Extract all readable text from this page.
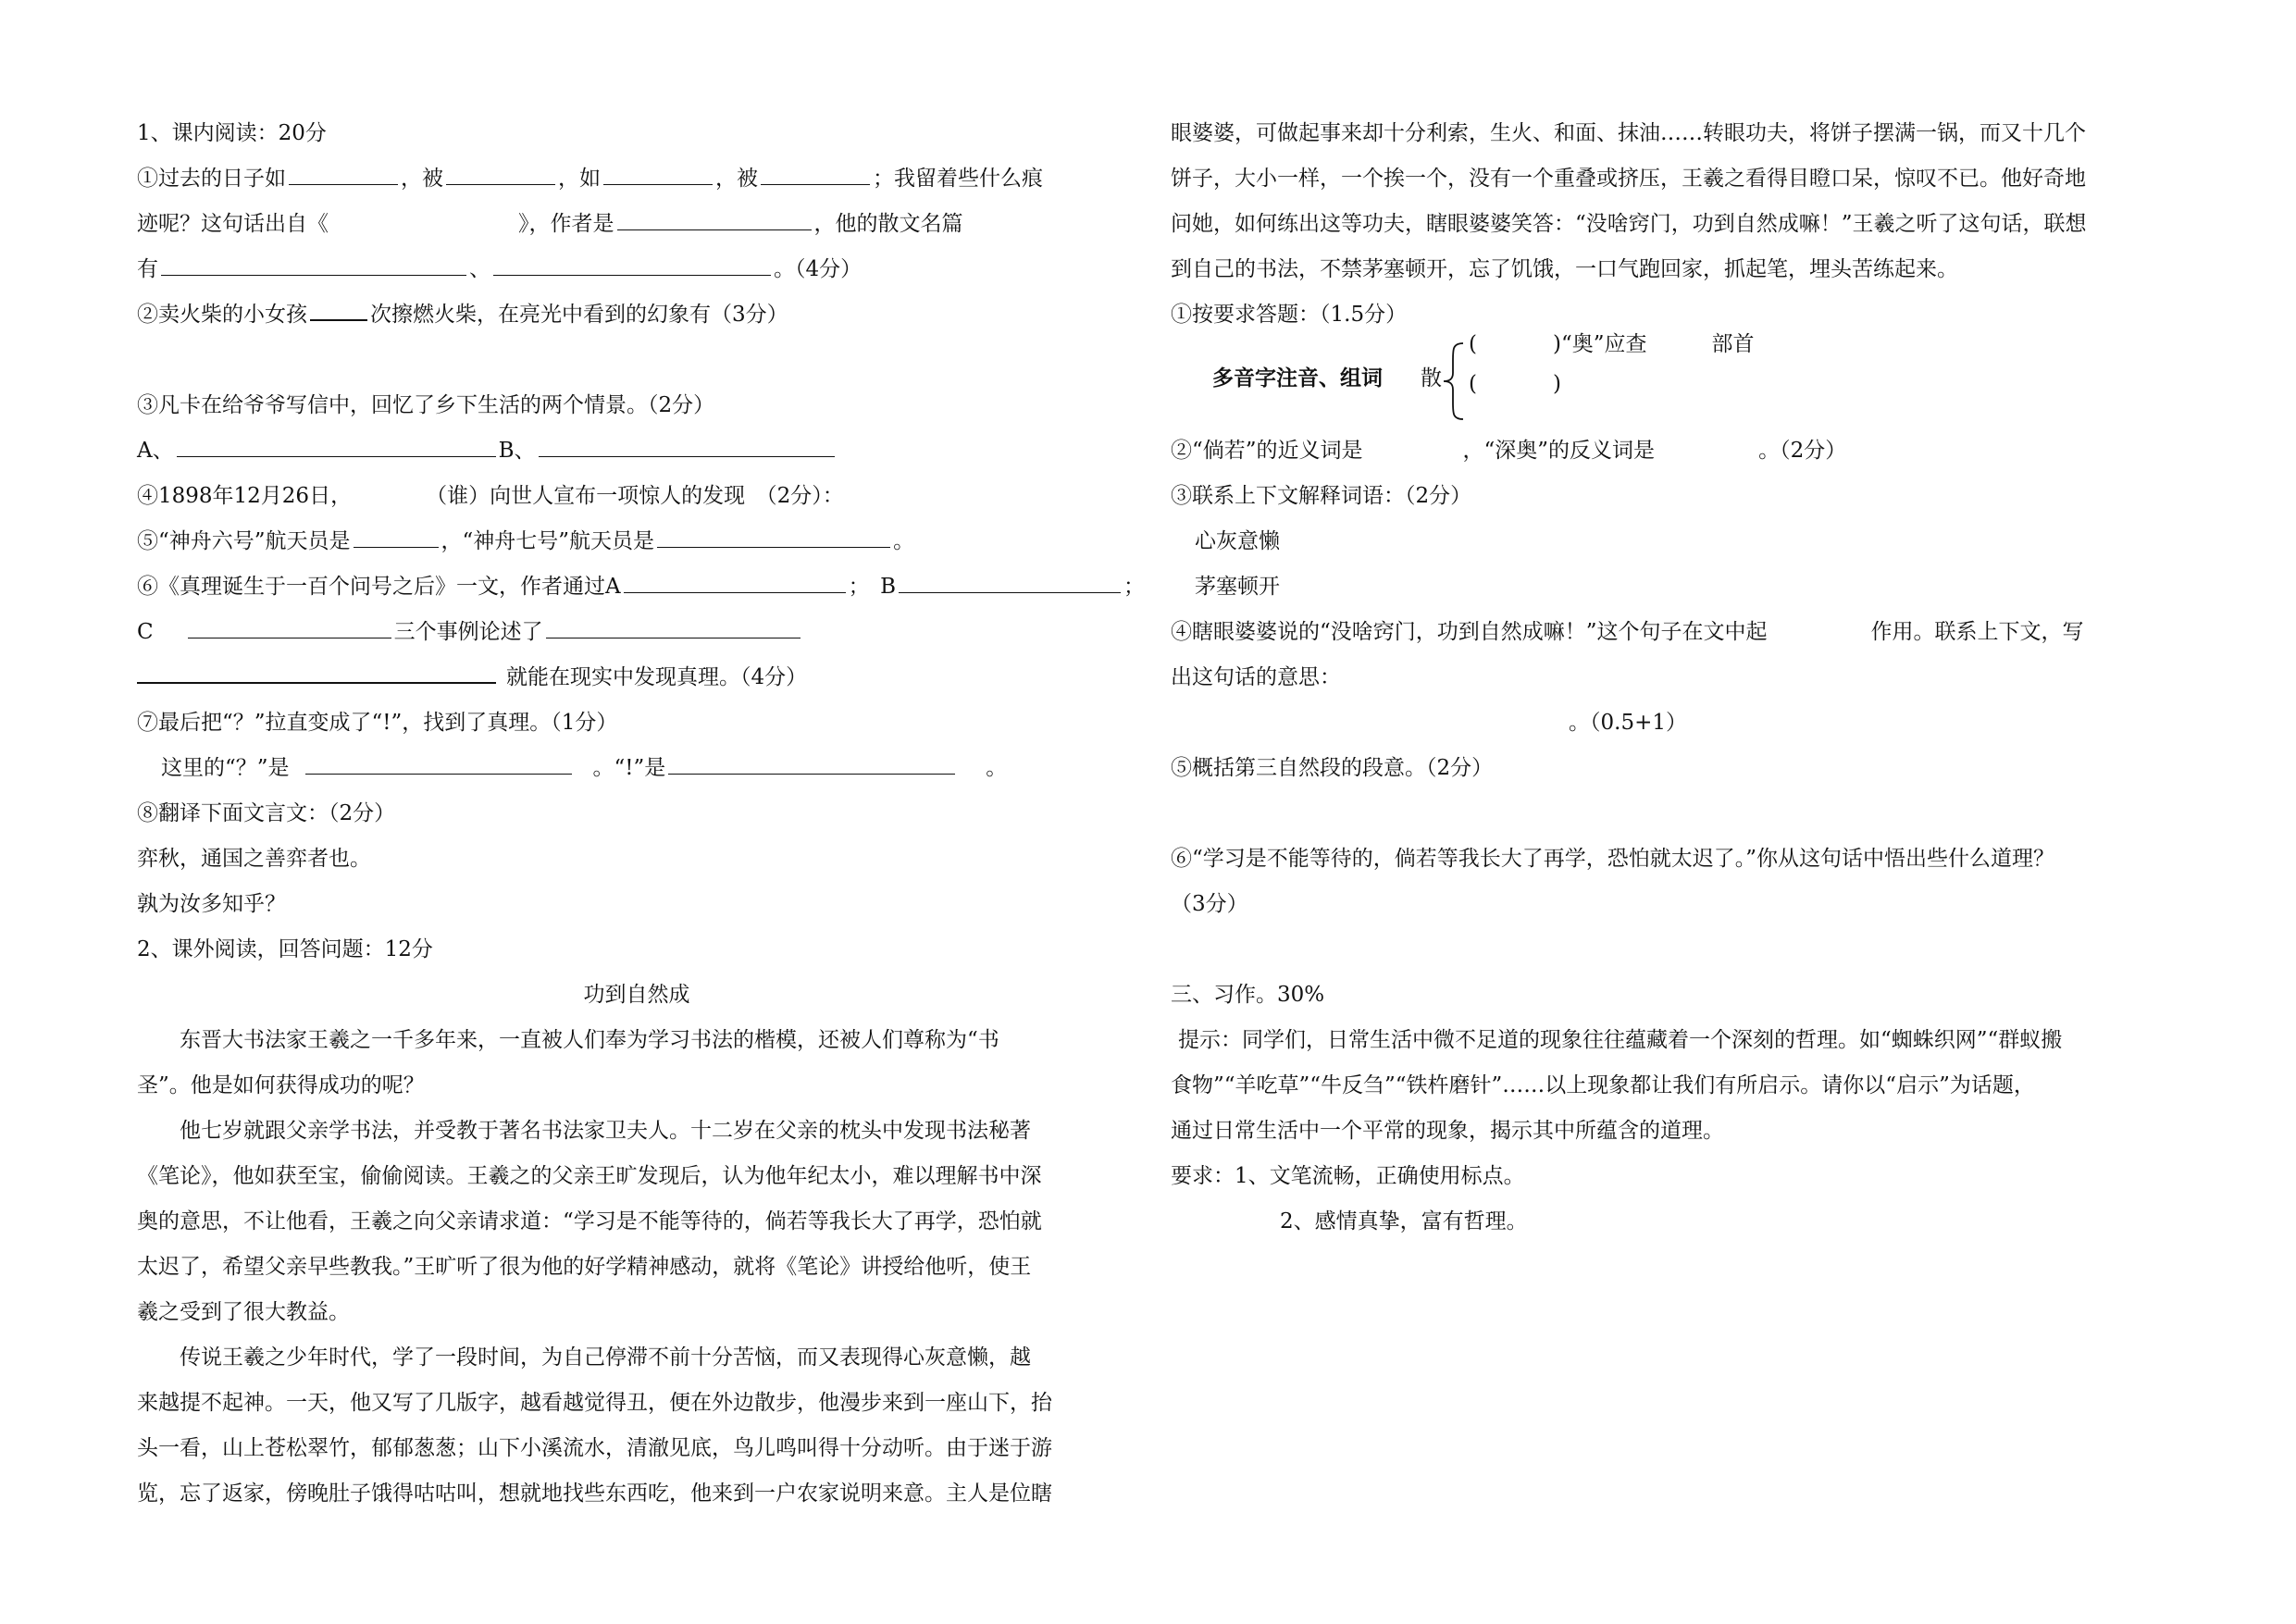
1、课内阅读：20分
①过去的日子如	，被	，如	，被	；我留着些什么痕
迹呢？这句话出自《	》，作者是	，他的散文名篇
有	、	。（4分）
②卖火柴的小女孩	次擦燃火柴，在亮光中看到的幻象有（3分）
③凡卡在给爷爷写信中，回忆了乡下生活的两个情景。（2分）
A、	B、
④1898年12月26日，	（谁）向世人宣布一项惊人的发现　（2分）：
⑤“神舟六号”航天员是	，“神舟七号”航天员是	。
⑥《真理诞生于一百个问号之后》一文，作者通过A	；　B	；
C	三个事例论述了
就能在现实中发现真理。（4分）
⑦最后把“？”拉直变成了“!”，找到了真理。（1分）
这里的“？”是	。“!”是	。
⑧翻译下面文言文：（2分）
弈秋，通国之善弈者也。
孰为汝多知乎？
2、课外阅读，回答问题：12分
功到自然成
东晋大书法家王羲之一千多年来，一直被人们奉为学习书法的楷模，还被人们尊称为“书
圣”。他是如何获得成功的呢？
他七岁就跟父亲学书法，并受教于著名书法家卫夫人。十二岁在父亲的枕头中发现书法秘著
《笔论》，他如获至宝，偷偷阅读。王羲之的父亲王旷发现后，认为他年纪太小，难以理解书中深
奥的意思，不让他看，王羲之向父亲请求道：“学习是不能等待的，倘若等我长大了再学，恐怕就
太迟了，希望父亲早些教我。”王旷听了很为他的好学精神感动，就将《笔论》讲授给他听，使王
羲之受到了很大教益。
传说王羲之少年时代，学了一段时间，为自己停滞不前十分苦恼，而又表现得心灰意懒，越
来越提不起神。一天，他又写了几版字，越看越觉得丑，便在外边散步，他漫步来到一座山下，抬
头一看，山上苍松翠竹，郁郁葱葱；山下小溪流水，清澈见底，鸟儿鸣叫得十分动听。由于迷于游
览，忘了返家，傍晚肚子饿得咕咕叫，想就地找些东西吃，他来到一户农家说明来意。主人是位瞎
眼婆婆，可做起事来却十分利索，生火、和面、抹油……转眼功夫，将饼子摆满一锅，而又十几个
饼子，大小一样，一个挨一个，没有一个重叠或挤压，王羲之看得目瞪口呆，惊叹不已。他好奇地
问她，如何练出这等功夫，瞎眼婆婆笑答：“没啥窍门，功到自然成嘛！”王羲之听了这句话，联想
到自己的书法，不禁茅塞顿开，忘了饥饿，一口气跑回家，抓起笔，埋头苦练起来。
①按要求答题：（1.5分）
多音字注音、组词 散
(	)“奥”应查	部首
(	)
②“倘若”的近义词是	，“深奥”的反义词是	。（2分）
③联系上下文解释词语：（2分）
心灰意懒
茅塞顿开
④瞎眼婆婆说的“没啥窍门，功到自然成嘛！”这个句子在文中起	作用。联系上下文，写
出这句话的意思：
。（0.5+1）
⑤概括第三自然段的段意。（2分）
⑥“学习是不能等待的，倘若等我长大了再学，恐怕就太迟了。”你从这句话中悟出些什么道理？
（3分）
三、习作。30%
提示：同学们，日常生活中微不足道的现象往往蕴藏着一个深刻的哲理。如“蜘蛛织网”“群蚁搬
食物”“羊吃草”“牛反刍”“铁杵磨针”……以上现象都让我们有所启示。请你以“启示”为话题，
通过日常生活中一个平常的现象，揭示其中所蕴含的道理。
要求：1、文笔流畅，正确使用标点。
2、感情真挚，富有哲理。
